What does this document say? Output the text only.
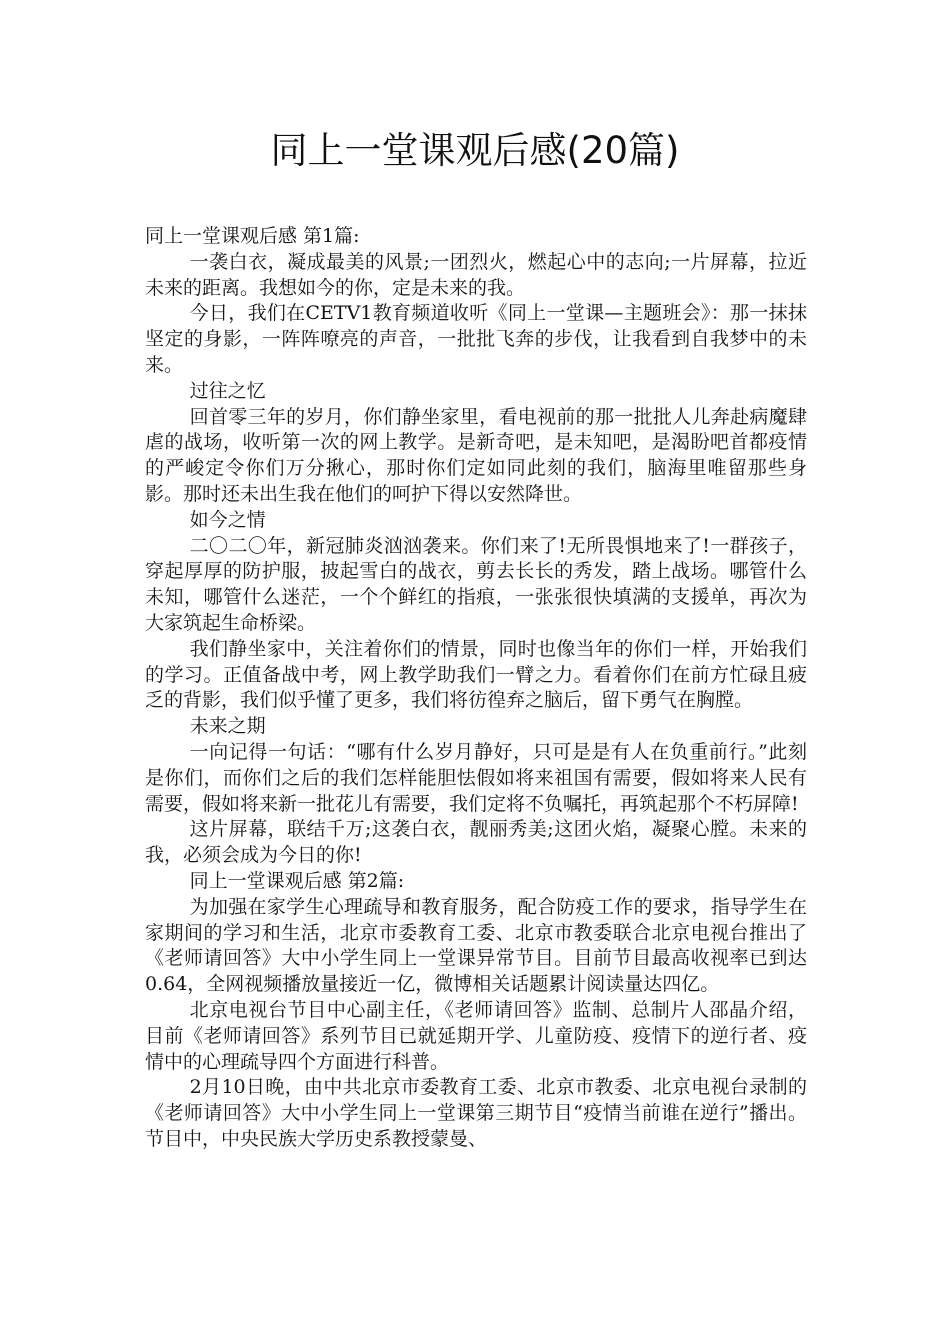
同上一堂课观后感(20篇)

同上一堂课观后感 第1篇:

一袭白衣，凝成最美的风景;一团烈火，燃起心中的志向;一片屏幕，拉近未来的距离。我想如今的你，定是未来的我。

今日，我们在CETV1教育频道收听《同上一堂课—主题班会》：那一抹抹坚定的身影，一阵阵嘹亮的声音，一批批飞奔的步伐，让我看到自我梦中的未来。

过往之忆

回首零三年的岁月，你们静坐家里，看电视前的那一批批人儿奔赴病魔肆虐的战场，收听第一次的网上教学。是新奇吧，是未知吧，是渴盼吧首都疫情的严峻定令你们万分揪心，那时你们定如同此刻的我们，脑海里唯留那些身影。那时还未出生我在他们的呵护下得以安然降世。

如今之情

二〇二〇年，新冠肺炎汹汹袭来。你们来了!无所畏惧地来了!一群孩子，穿起厚厚的防护服，披起雪白的战衣，剪去长长的秀发，踏上战场。哪管什么未知，哪管什么迷茫，一个个鲜红的指痕，一张张很快填满的支援单，再次为大家筑起生命桥梁。

我们静坐家中，关注着你们的情景，同时也像当年的你们一样，开始我们的学习。正值备战中考，网上教学助我们一臂之力。看着你们在前方忙碌且疲乏的背影，我们似乎懂了更多，我们将彷徨弃之脑后，留下勇气在胸膛。

未来之期

一向记得一句话：“哪有什么岁月静好，只可是是有人在负重前行。”此刻是你们，而你们之后的我们怎样能胆怯假如将来祖国有需要，假如将来人民有需要，假如将来新一批花儿有需要，我们定将不负嘱托，再筑起那个不朽屏障!

这片屏幕，联结千万;这袭白衣，靓丽秀美;这团火焰，凝聚心膛。未来的我，必须会成为今日的你!

同上一堂课观后感 第2篇:

为加强在家学生心理疏导和教育服务，配合防疫工作的要求，指导学生在家期间的学习和生活，北京市委教育工委、北京市教委联合北京电视台推出了《老师请回答》大中小学生同上一堂课异常节目。目前节目最高收视率已到达0.64，全网视频播放量接近一亿，微博相关话题累计阅读量达四亿。

北京电视台节目中心副主任，《老师请回答》监制、总制片人邵晶介绍，目前《老师请回答》系列节目已就延期开学、儿童防疫、疫情下的逆行者、疫情中的心理疏导四个方面进行科普。

2月10日晚，由中共北京市委教育工委、北京市教委、北京电视台录制的《老师请回答》大中小学生同上一堂课第三期节目“疫情当前谁在逆行”播出。节目中，中央民族大学历史系教授蒙曼、
